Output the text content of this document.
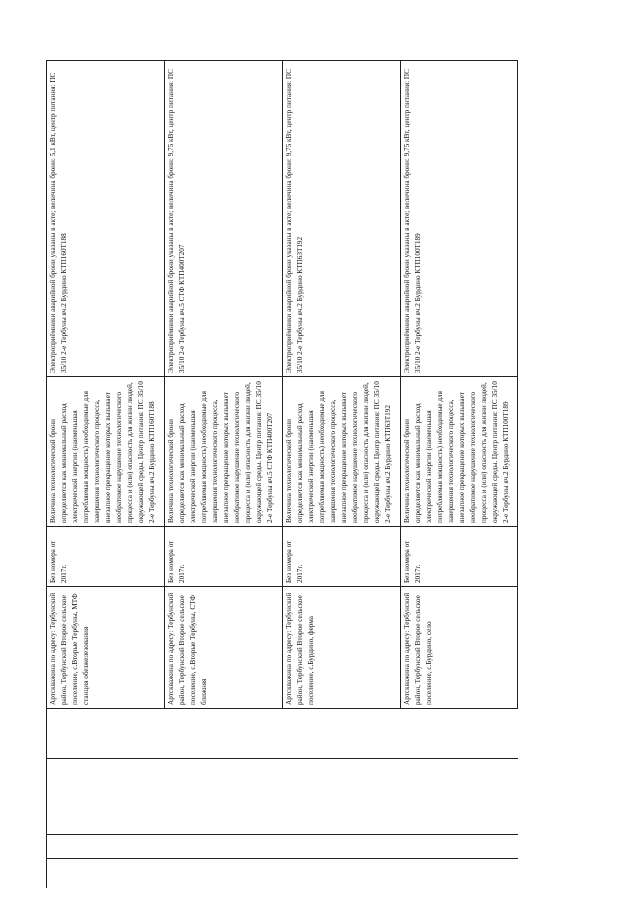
Артскважина по адресу: Тербунский район, Тербунский Второе сельское поселение, с.Вторые Тербуны, МТФ станция обезжелезования
Без номера от 2017г.
Величина технологической брони определяется как минимальный расход электрической энергии (наименьшая потребляемая мощность) необходимые для завершения технологического процесса, внезапное прекращение которых вызывает необратимое нарушение технологического процесса и (или) опасность для жизни людей, окружающей среды. Центр питания: ПС 35/10 2-е Тербуны яч.2 Бурдино КТП160Т188
Электроприёмники аварийной брони указаны в акте; величина брони: 5,1 кВт, центр питания: ПС 35/10 2-е Тербуны яч.2 Бурдино КТП160Т188
Артскважина по адресу: Тербунский район, Тербунский Второе сельское поселение, с.Вторые Тербуны, СТФ ближняя
Без номера от 2017г.
Величина технологической брони определяется как минимальный расход электрической энергии (наименьшая потребляемая мощность) необходимые для завершения технологического процесса, внезапное прекращение которых вызывает необратимое нарушение технологического процесса и (или) опасность для жизни людей, окружающей среды. Центр питания: ПС 35/10 2-е Тербуны яч.5 СТФ КТП400Т207
Электроприёмники аварийной брони указаны в акте; величина брони: 9,75 кВт, центр питания: ПС 35/10 2-е Тербуны яч.5 СТФ КТП400Т207
Артскважина по адресу: Тербунский район, Тербунский Второе сельское поселение, с.Бурдино, ферма
Без номера от 2017г.
Величина технологической брони определяется как минимальный расход электрической энергии (наименьшая потребляемая мощность) необходимые для завершения технологического процесса, внезапное прекращение которых вызывает необратимое нарушение технологического процесса и (или) опасность для жизни людей, окружающей среды. Центр питания: ПС 35/10 2-е Тербуны яч.2 Бурдино КТП63Т192
Электроприёмники аварийной брони указаны в акте; величина брони: 9,75 кВт, центр питания: ПС 35/10 2-е Тербуны яч.2 Бурдино КТП63Т192
Артскважина по адресу: Тербунский район, Тербунский Второе сельское поселение, с.Бурдино, село
Без номера от 2017г.
Величина технологической брони определяется как минимальный расход электрической энергии (наименьшая потребляемая мощность) необходимые для завершения технологического процесса, внезапное прекращение которых вызывает необратимое нарушение технологического процесса и (или) опасность для жизни людей, окружающей среды. Центр питания: ПС 35/10 2-е Тербуны яч.2 Бурдино КТП100Т189
Электроприёмники аварийной брони указаны в акте; величина брони: 9,75 кВт, центр питания: ПС 35/10 2-е Тербуны яч.2 Бурдино КТП100Т189
